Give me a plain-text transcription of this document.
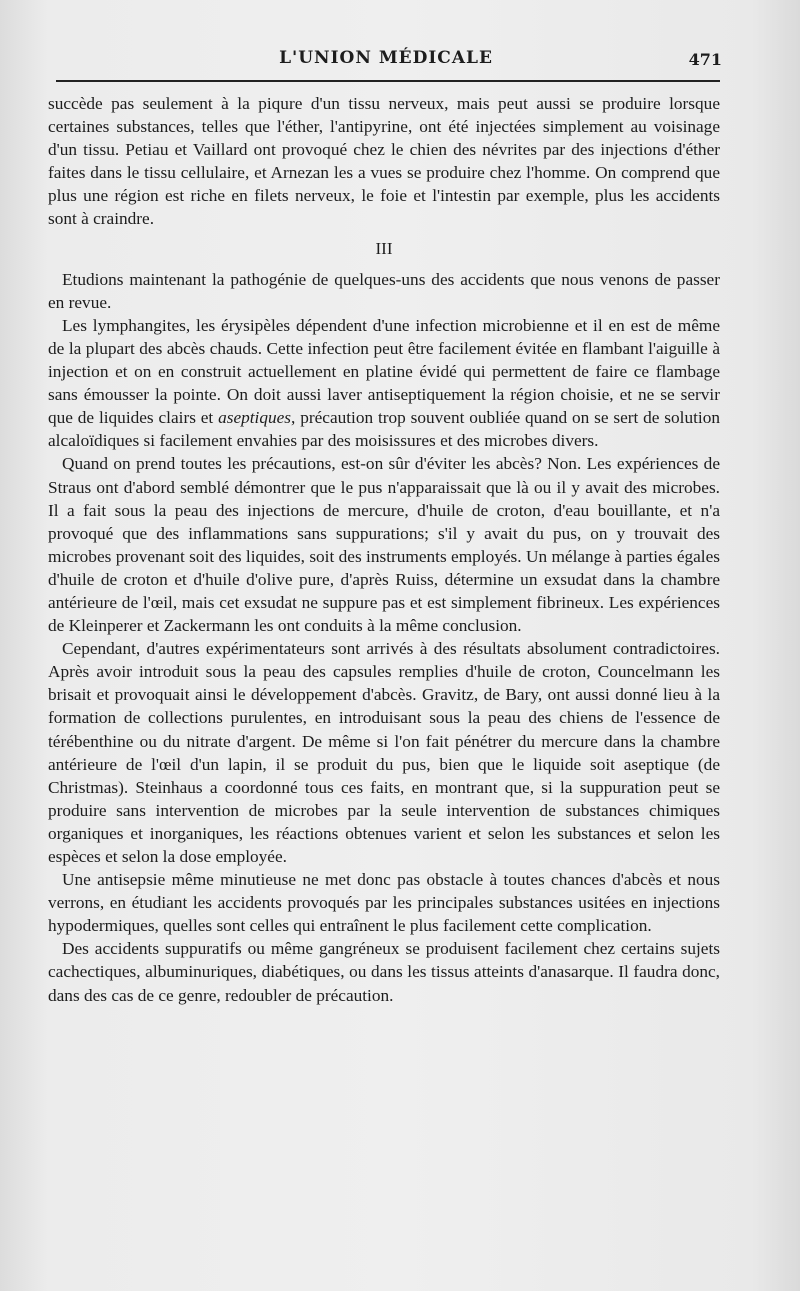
L'UNION MÉDICALE	471

succède pas seulement à la piqure d'un tissu nerveux, mais peut aussi se produire lorsque certaines substances, telles que l'éther, l'antipyrine, ont été injectées simplement au voisinage d'un tissu. Petiau et Vaillard ont provoqué chez le chien des névrites par des injections d'éther faites dans le tissu cellulaire, et Arnezan les a vues se produire chez l'homme. On comprend que plus une région est riche en filets nerveux, le foie et l'intestin par exemple, plus les accidents sont à craindre.

III

Etudions maintenant la pathogénie de quelques-uns des accidents que nous venons de passer en revue.

Les lymphangites, les érysipèles dépendent d'une infection microbienne et il en est de même de la plupart des abcès chauds. Cette infection peut être facilement évitée en flambant l'aiguille à injection et on en construit actuellement en platine évidé qui permettent de faire ce flambage sans émousser la pointe. On doit aussi laver antiseptiquement la région choisie, et ne se servir que de liquides clairs et aseptiques, précaution trop souvent oubliée quand on se sert de solution alcaloïdiques si facilement envahies par des moisissures et des microbes divers.

Quand on prend toutes les précautions, est-on sûr d'éviter les abcès? Non. Les expériences de Straus ont d'abord semblé démontrer que le pus n'apparaissait que là ou il y avait des microbes. Il a fait sous la peau des injections de mercure, d'huile de croton, d'eau bouillante, et n'a provoqué que des inflammations sans suppurations; s'il y avait du pus, on y trouvait des microbes provenant soit des liquides, soit des instruments employés. Un mélange à parties égales d'huile de croton et d'huile d'olive pure, d'après Ruiss, détermine un exsudat dans la chambre antérieure de l'œil, mais cet exsudat ne suppure pas et est simplement fibrineux. Les expériences de Kleinperer et Zackermann les ont conduits à la même conclusion.

Cependant, d'autres expérimentateurs sont arrivés à des résultats absolument contradictoires. Après avoir introduit sous la peau des capsules remplies d'huile de croton, Councelmann les brisait et provoquait ainsi le développement d'abcès. Gravitz, de Bary, ont aussi donné lieu à la formation de collections purulentes, en introduisant sous la peau des chiens de l'essence de térébenthine ou du nitrate d'argent. De même si l'on fait pénétrer du mercure dans la chambre antérieure de l'œil d'un lapin, il se produit du pus, bien que le liquide soit aseptique (de Christmas). Steinhaus a coordonné tous ces faits, en montrant que, si la suppuration peut se produire sans intervention de microbes par la seule intervention de substances chimiques organiques et inorganiques, les réactions obtenues varient et selon les substances et selon les espèces et selon la dose employée.

Une antisepsie même minutieuse ne met donc pas obstacle à toutes chances d'abcès et nous verrons, en étudiant les accidents provoqués par les principales substances usitées en injections hypodermiques, quelles sont celles qui entraînent le plus facilement cette complication.

Des accidents suppuratifs ou même gangréneux se produisent facilement chez certains sujets cachectiques, albuminuriques, diabétiques, ou dans les tissus atteints d'anasarque. Il faudra donc, dans des cas de ce genre, redoubler de précaution.
